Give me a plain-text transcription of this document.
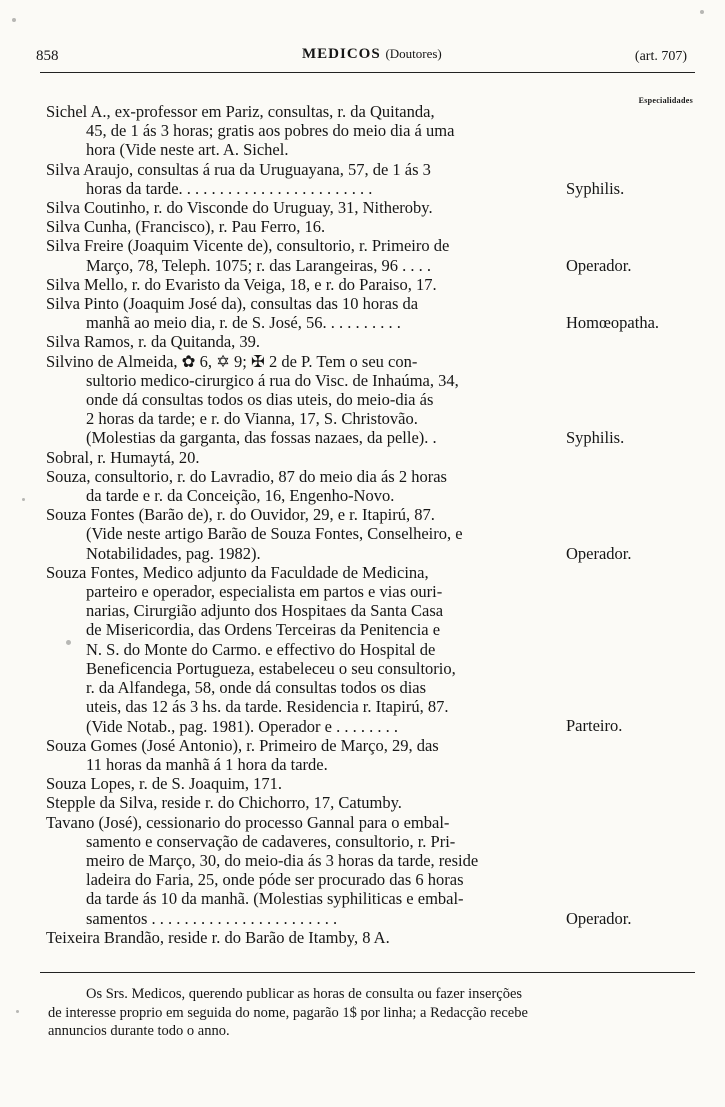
858	MEDICOS (Doutores)	(art. 707)
Especialidades
Sichel A., ex-professor em Pariz, consultas, r. da Quitanda,
45, de 1 ás 3 horas; gratis aos pobres do meio dia á uma
hora (Vide neste art. A. Sichel.
Silva Araujo, consultas á rua da Uruguayana, 57, de 1 ás 3
horas da tarde. . . . . . . . . . . . . . . . . . . . . . . .	Syphilis.
Silva Coutinho, r. do Visconde do Uruguay, 31, Nitheroby.
Silva Cunha, (Francisco), r. Pau Ferro, 16.
Silva Freire (Joaquim Vicente de), consultorio, r. Primeiro de
Março, 78, Teleph. 1075; r. das Larangeiras, 96 . . . .	Operador.
Silva Mello, r. do Evaristo da Veiga, 18, e r. do Paraiso, 17.
Silva Pinto (Joaquim José da), consultas das 10 horas da
manhã ao meio dia, r. de S. José, 56. . . . . . . . . .	Homœopatha.
Silva Ramos, r. da Quitanda, 39.
Silvino de Almeida, ✿ 6, ✡ 9; ✠ 2 de P. Tem o seu con-
sultorio medico-cirurgico á rua do Visc. de Inhaúma, 34,
onde dá consultas todos os dias uteis, do meio-dia ás
2 horas da tarde; e r. do Vianna, 17, S. Christovão.
(Molestias da garganta, das fossas nazaes, da pelle). .	Syphilis.
Sobral, r. Humaytá, 20.
Souza, consultorio, r. do Lavradio, 87 do meio dia ás 2 horas
da tarde e r. da Conceição, 16, Engenho-Novo.
Souza Fontes (Barão de), r. do Ouvidor, 29, e r. Itapirú, 87.
(Vide neste artigo Barão de Souza Fontes, Conselheiro, e
Notabilidades, pag. 1982).	Operador.
Souza Fontes, Medico adjunto da Faculdade de Medicina,
parteiro e operador, especialista em partos e vias ouri-
narias, Cirurgião adjunto dos Hospitaes da Santa Casa
de Misericordia, das Ordens Terceiras da Penitencia e
N. S. do Monte do Carmo. e effectivo do Hospital de
Beneficencia Portugueza, estabeleceu o seu consultorio,
r. da Alfandega, 58, onde dá consultas todos os dias
uteis, das 12 ás 3 hs. da tarde. Residencia r. Itapirú, 87.
(Vide Notab., pag. 1981). Operador e . . . . . . . .	Parteiro.
Souza Gomes (José Antonio), r. Primeiro de Março, 29, das
11 horas da manhã á 1 hora da tarde.
Souza Lopes, r. de S. Joaquim, 171.
Stepple da Silva, reside r. do Chichorro, 17, Catumby.
Tavano (José), cessionario do processo Gannal para o embal-
samento e conservação de cadaveres, consultorio, r. Pri-
meiro de Março, 30, do meio-dia ás 3 horas da tarde, reside
ladeira do Faria, 25, onde póde ser procurado das 6 horas
da tarde ás 10 da manhã. (Molestias syphiliticas e embal-
samentos . . . . . . . . . . . . . . . . . . . . . . .	Operador.
Teixeira Brandão, reside r. do Barão de Itamby, 8 A.
Os Srs. Medicos, querendo publicar as horas de consulta ou fazer inserções
de interesse proprio em seguida do nome, pagarão 1$ por linha; a Redacção recebe
annuncios durante todo o anno.
